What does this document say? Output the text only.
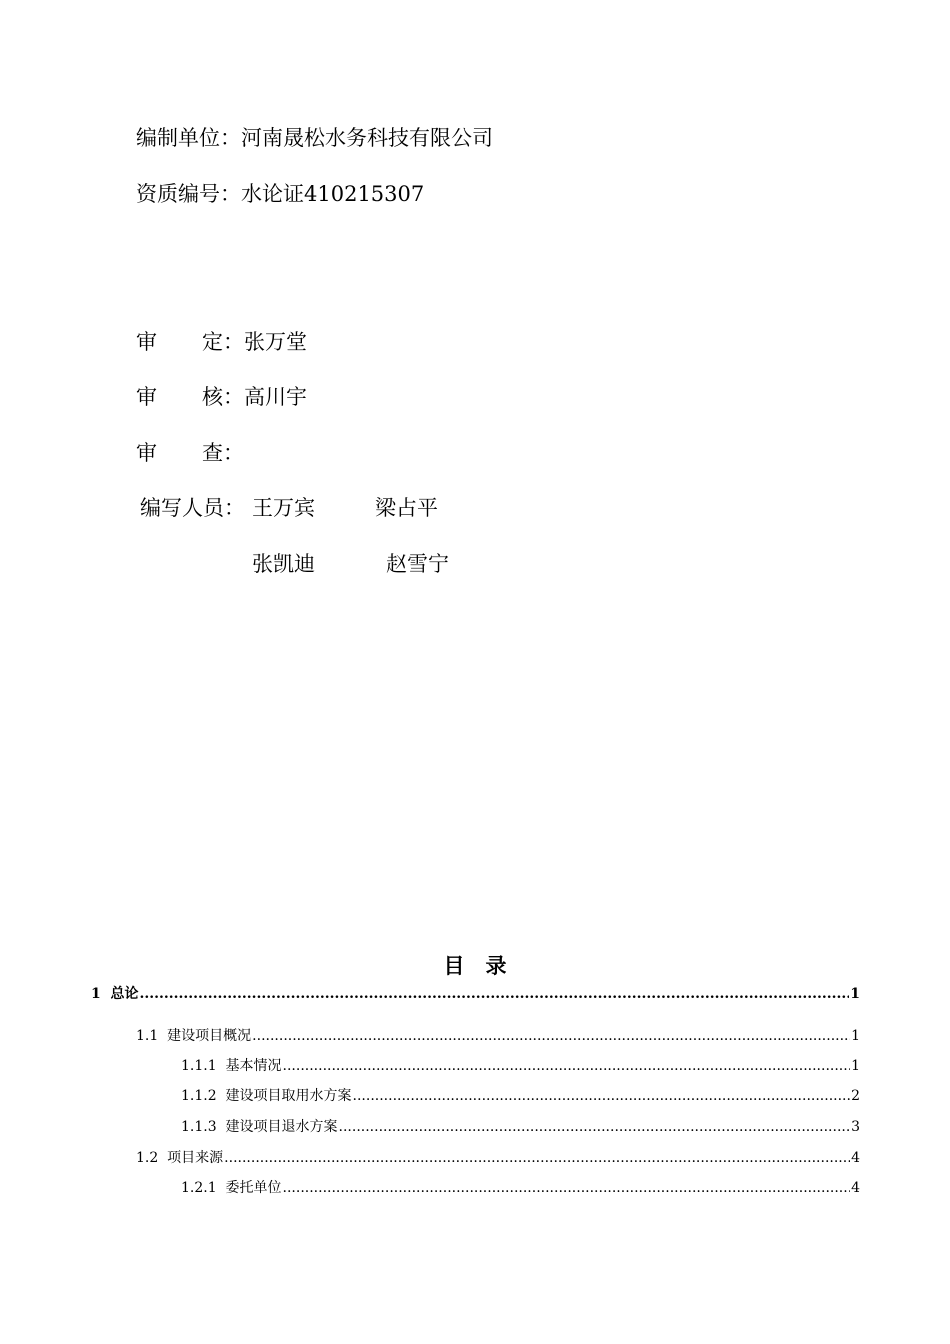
编制单位：河南晟松水务科技有限公司
资质编号：水论证410215307
审 定：张万堂
审 核：高川宇
审 查：
编写人员： 王万宾	梁占平
张凯迪	赵雪宁
目　录
1 总论 .....	1
1.1 建设项目概况 .....	1
1.1.1 基本情况 .....	1
1.1.2 建设项目取用水方案 .....	2
1.1.3 建设项目退水方案 .....	3
1.2 项目来源 .....	4
1.2.1 委托单位 .....	4
